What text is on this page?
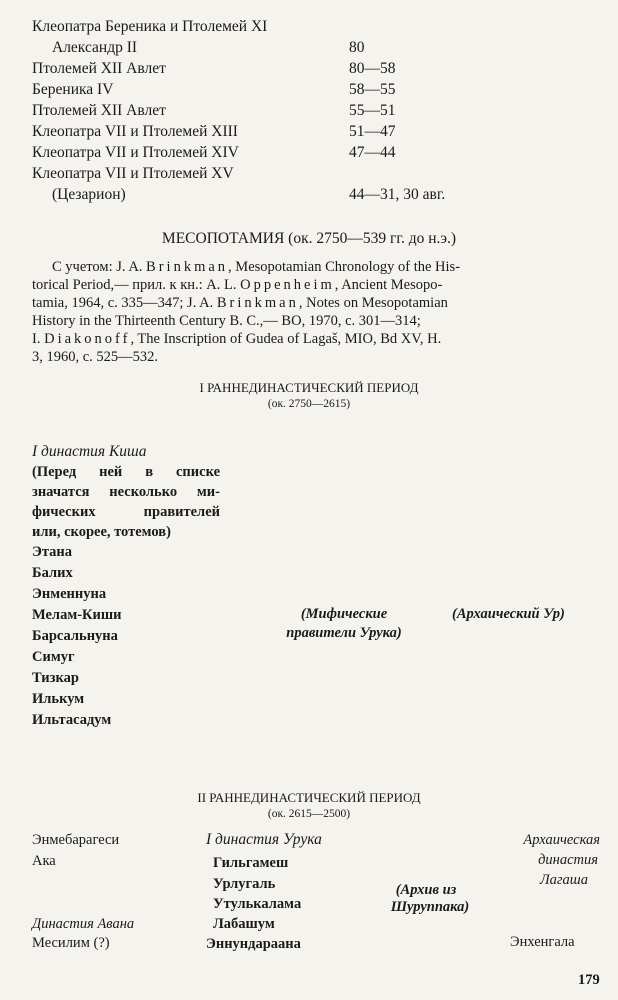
Клеопатра Береника и Птолемей XI
Александр II	80
Птолемей XII Авлет	80—58
Береника IV	58—55
Птолемей XII Авлет	55—51
Клеопатра VII и Птолемей XIII	51—47
Клеопатра VII и Птолемей XIV	47—44
Клеопатра VII и Птолемей XV
(Цезарион)	44—31, 30 авг.
МЕСОПОТАМИЯ (ок. 2750—539 гг. до н.э.)
С учетом: J. A. Brinkman, Mesopotamian Chronology of the His-
torical Period,— прил. к кн.: A. L. Oppenheim, Ancient Mesopo-
tamia, 1964, с. 335—347; J. A. Brinkman, Notes on Mesopotamian
History in the Thirteenth Century B. C.,— BO, 1970, с. 301—314;
I. Diakonoff, The Inscription of Gudea of Lagaš, MIO, Bd XV, H.
3, 1960, с. 525—532.
I РАННЕДИНАСТИЧЕСКИЙ ПЕРИОД
(ок. 2750—2615)
I династия Киша
(Перед ней в списке
значатся несколько ми-
фических правителей
или, скорее, тотемов)
Этана
Балих
Энменнуна
Мелам-Киши
Барсальнуна
Симуг
Тизкар
Илькум
Ильтасадум
(Мифические
правители Урука)
(Архаический Ур)
II РАННЕДИНАСТИЧЕСКИЙ ПЕРИОД
(ок. 2615—2500)
Энмебарагеси
Ака
Династия Авана
Месилим (?)
I династия Урука
Гильгамеш
Урлугаль
Утулькалама
Лабашум
Эннундараана
(Архив из
Шуруппака)
Архаическая
династия
Лагаша
Энхенгала
179
